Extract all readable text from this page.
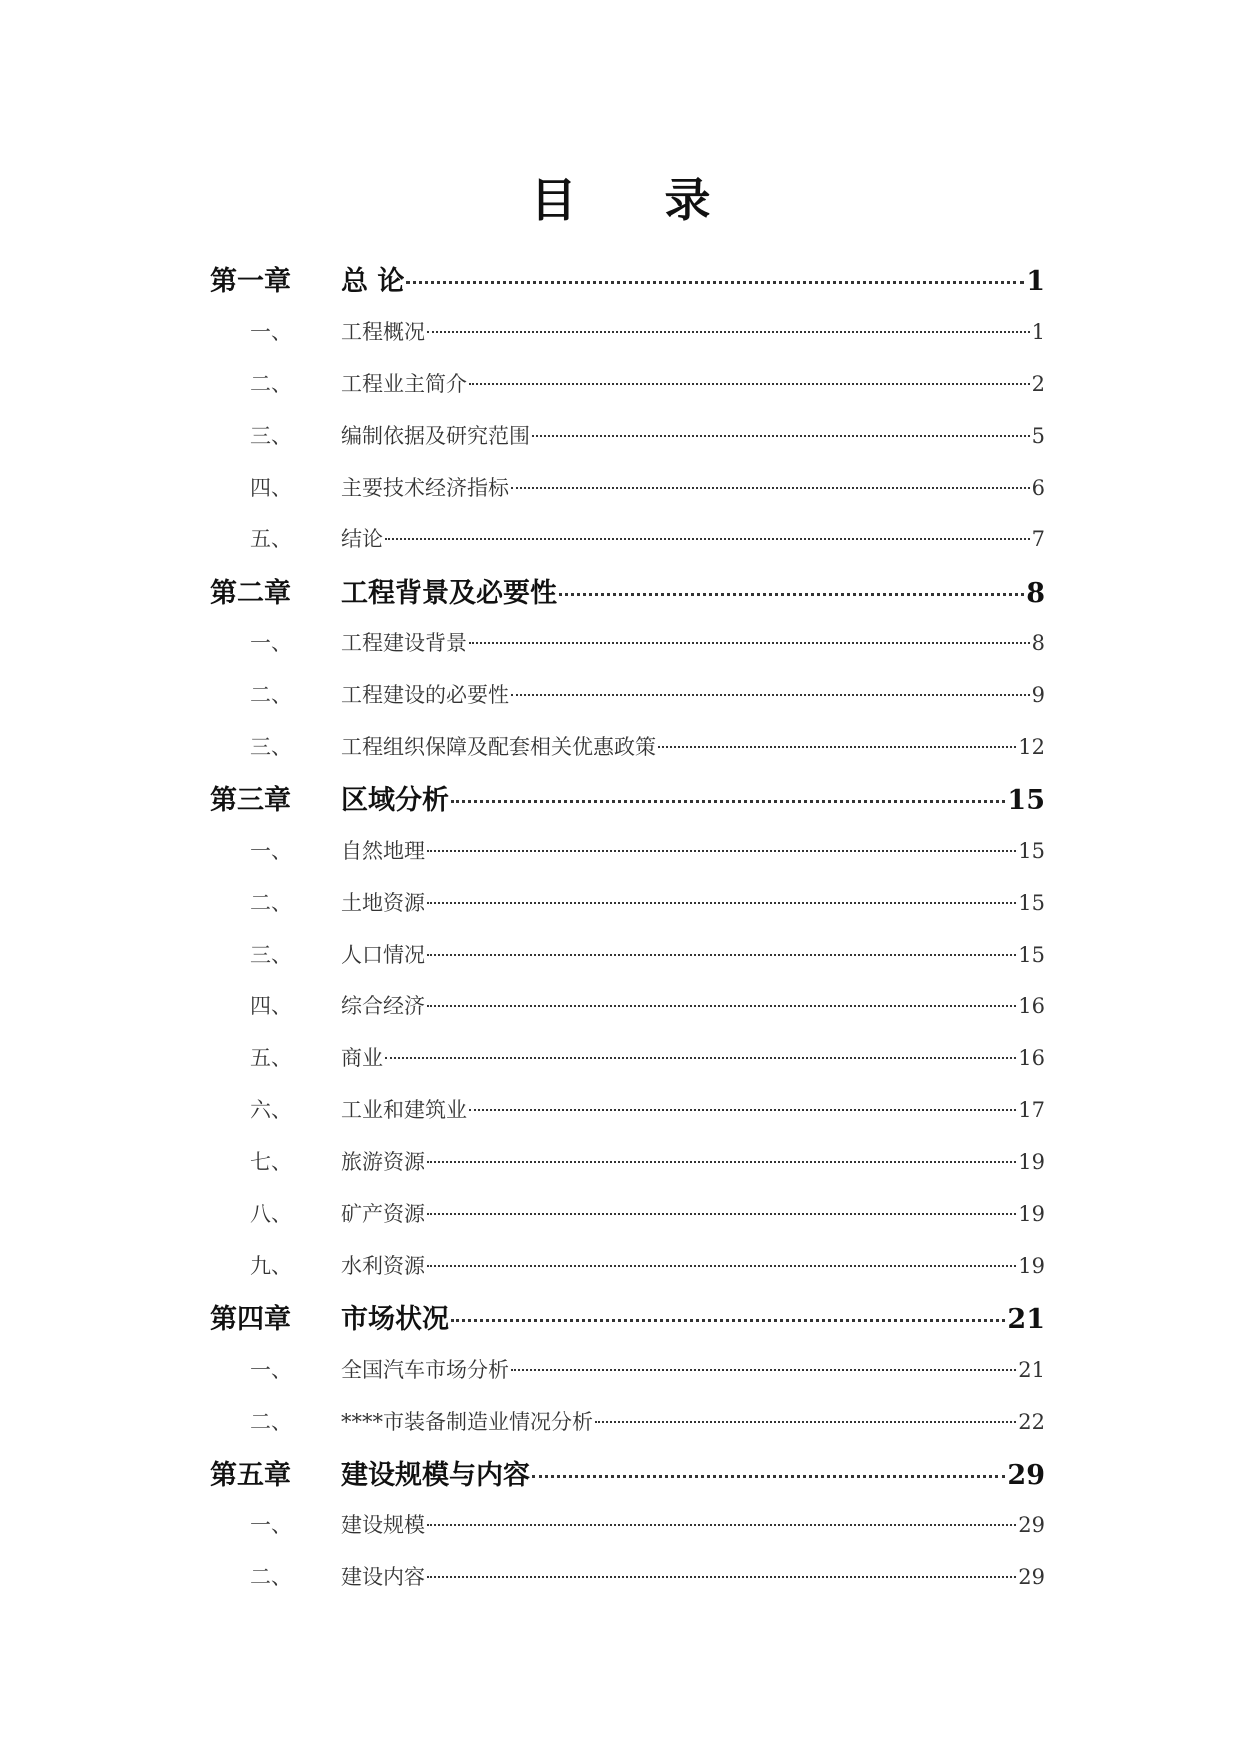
目 录
第一章	总 论	1
一、	工程概况	1
二、	工程业主简介	2
三、	编制依据及研究范围	5
四、	主要技术经济指标	6
五、	结论	7
第二章	工程背景及必要性	8
一、	工程建设背景	8
二、	工程建设的必要性	9
三、	工程组织保障及配套相关优惠政策	12
第三章	区域分析	15
一、	自然地理	15
二、	土地资源	15
三、	人口情况	15
四、	综合经济	16
五、	商业	16
六、	工业和建筑业	17
七、	旅游资源	19
八、	矿产资源	19
九、	水利资源	19
第四章	市场状况	21
一、	全国汽车市场分析	21
二、	****市装备制造业情况分析	22
第五章	建设规模与内容	29
一、	建设规模	29
二、	建设内容	29
